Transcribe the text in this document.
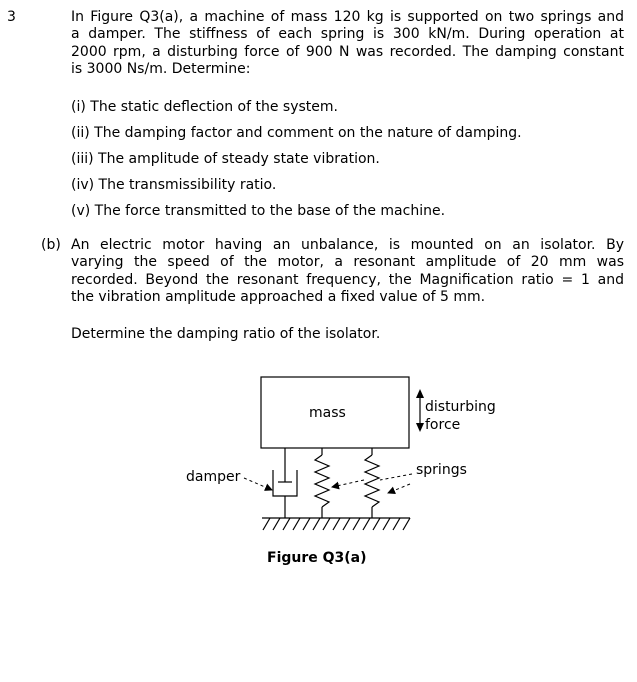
3	In Figure Q3(a), a machine of mass 120 kg is supported on two springs and
a damper. The stiffness of each spring is 300 kN/m. During operation at
2000 rpm, a disturbing force of 900 N was recorded. The damping constant
is 3000 Ns/m. Determine:
(i) The static deflection of the system.
(ii) The damping factor and comment on the nature of damping.
(iii) The amplitude of steady state vibration.
(iv) The transmissibility ratio.
(v) The force transmitted to the base of the machine.
(b) An electric motor having an unbalance, is mounted on an isolator. By
varying the speed of the motor, a resonant amplitude of 20 mm was
recorded. Beyond the resonant frequency, the Magnification ratio = 1 and
the vibration amplitude approached a fixed value of 5 mm.
Determine the damping ratio of the isolator.
mass	disturbing
force
damper	springs
Figure Q3(a)
